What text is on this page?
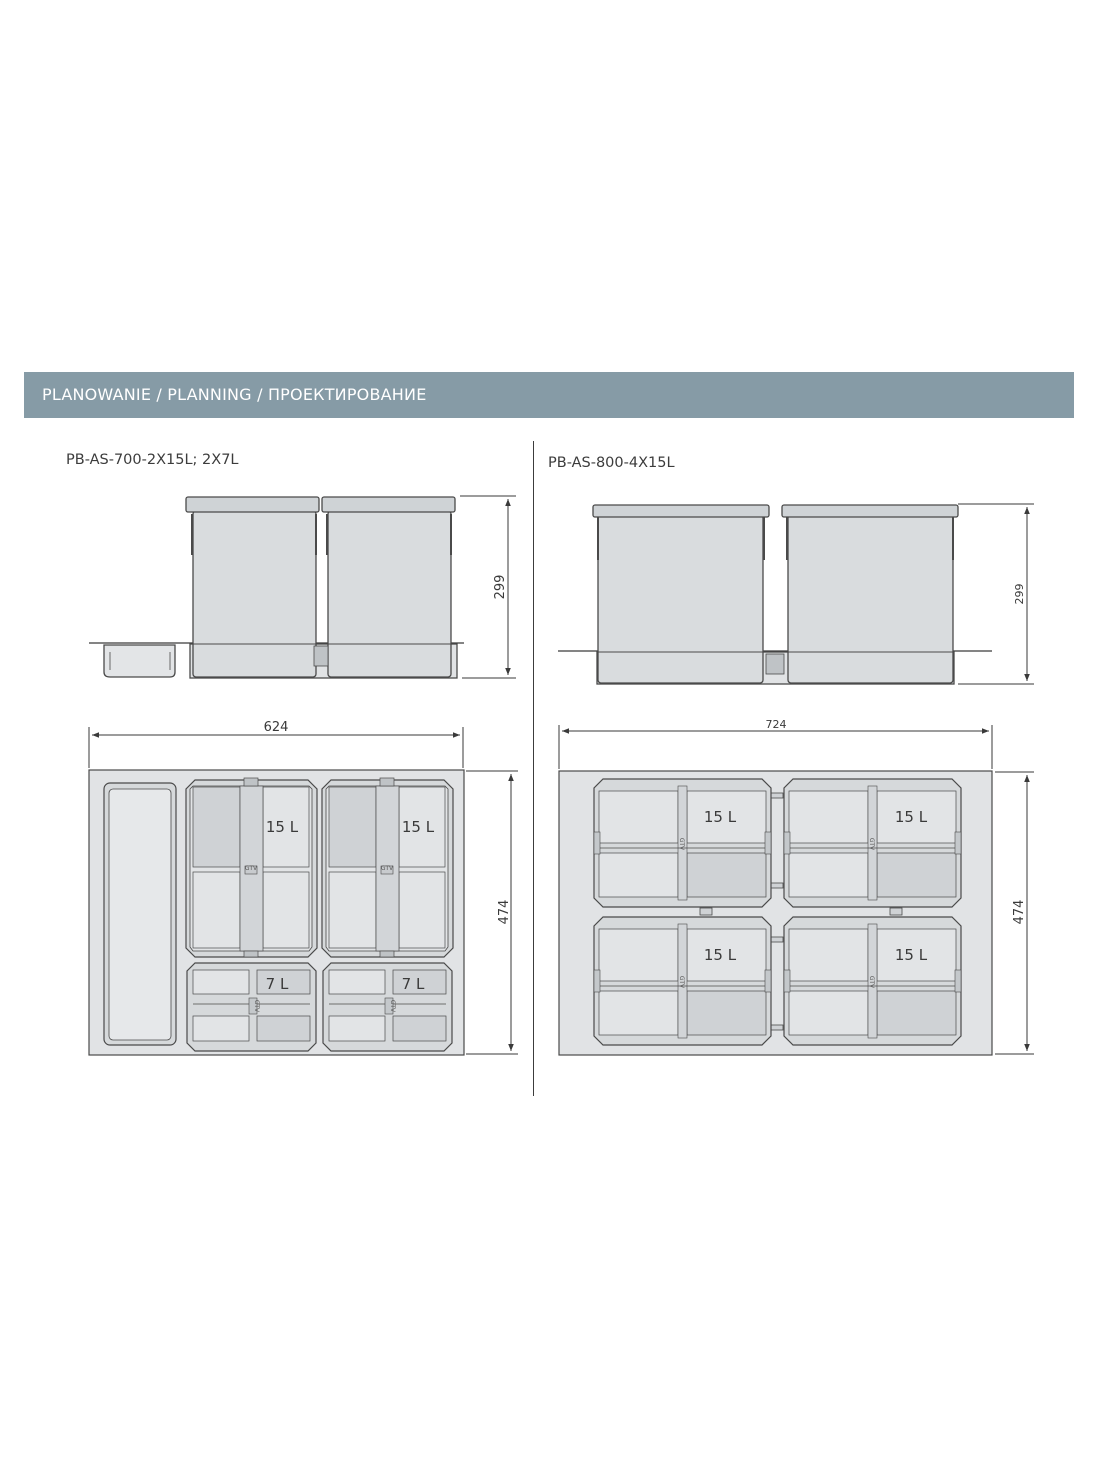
PLANOWANIE / PLANNING / ПРОЕКТИРОВАНИЕ
PB-AS-700-2X15L; 2X7L	PB-AS-800-4X15L
299
624
15 L	15 L
7 L	7 L
GTV	GTV
GTV	GTV
474
299
724
15 L	15 L
15 L	15 L
GTV	GTV
GTV	GTV
474
